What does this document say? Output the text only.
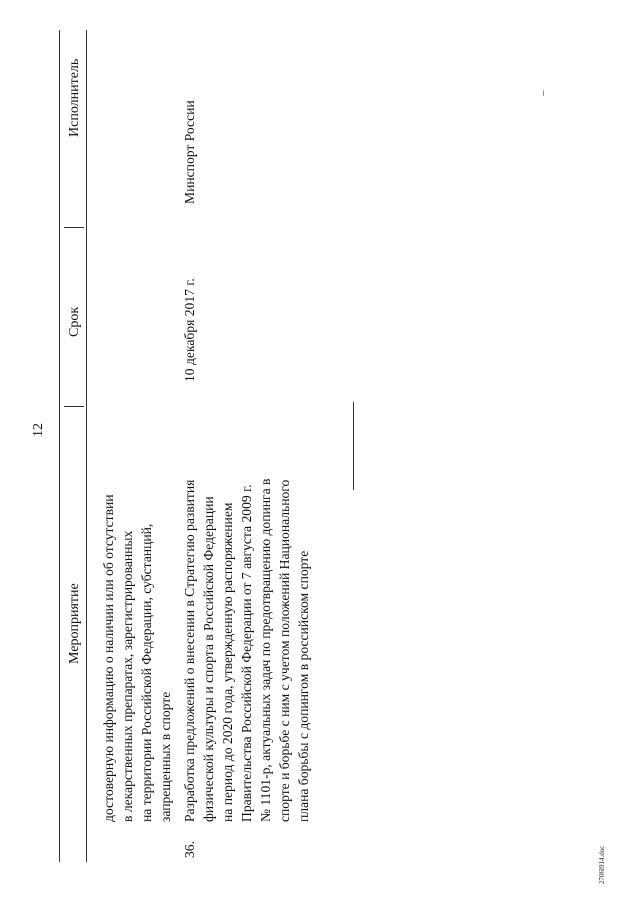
12
Мероприятие
Срок
Исполнитель
достоверную информацию о наличии или об отсутствии в лекарственных препаратах, зарегистрированных на территории Российской Федерации, субстанций, запрещенных в спорте
36.
Разработка предложений о внесении в Стратегию развития физической культуры и спорта в Российской Федерации на период до 2020 года, утвержденную распоряжением Правительства Российской Федерации от 7 августа 2009 г. № 1101-р, актуальных задач по предотвращению допинга в спорте и борьбе с ним с учетом положений Национального плана борьбы с допингом в российском спорте
10 декабря 2017 г.
Минспорт России
2706l914.doc
